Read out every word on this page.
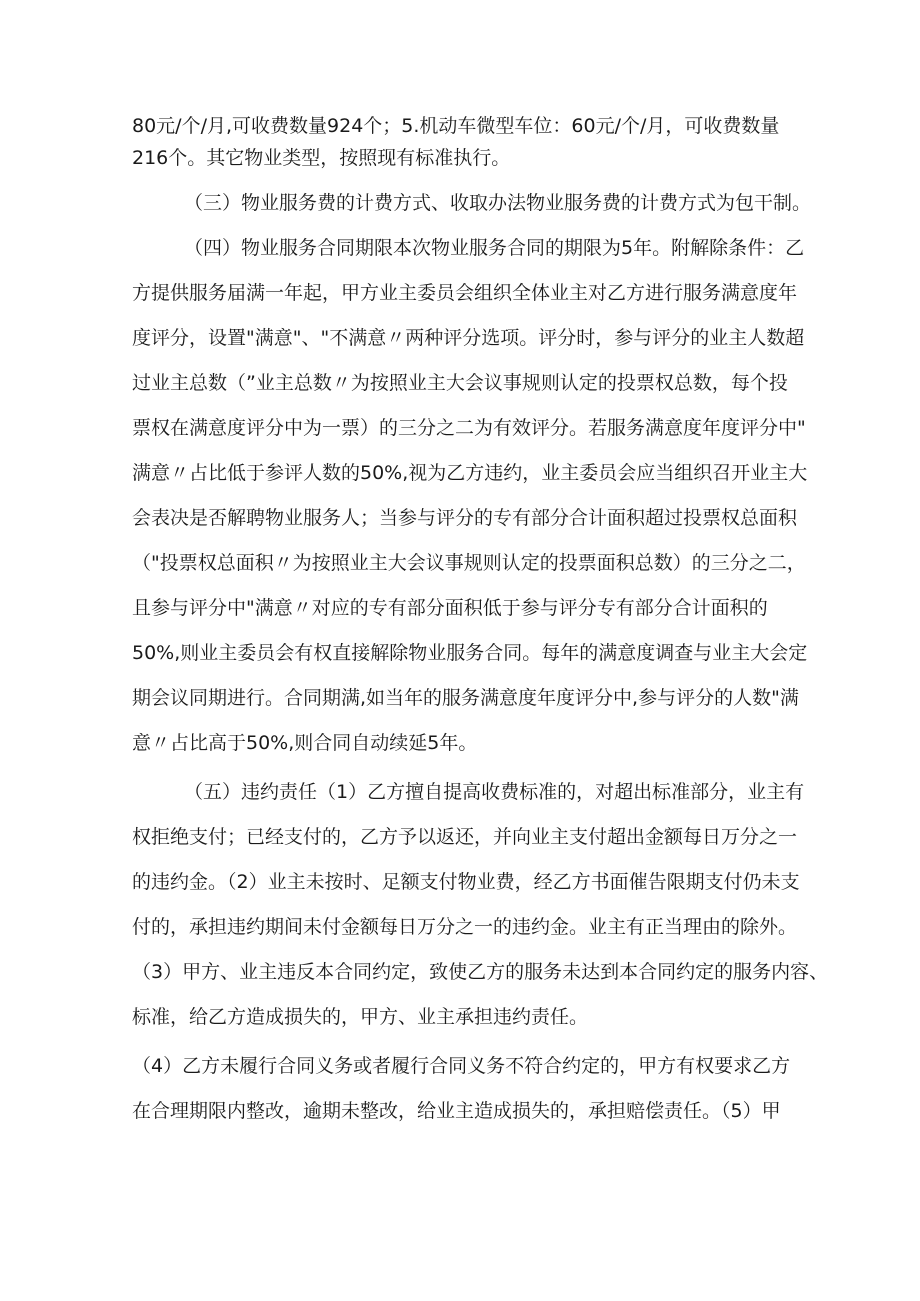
80元/个/月,可收费数量924个；5.机动车微型车位：60元/个/月，可收费数量
216个。其它物业类型，按照现有标准执行。
（三）物业服务费的计费方式、收取办法物业服务费的计费方式为包干制。
（四）物业服务合同期限本次物业服务合同的期限为5年。附解除条件：乙
方提供服务届满一年起，甲方业主委员会组织全体业主对乙方进行服务满意度年
度评分，设置"满意"、"不满意〃两种评分选项。评分时，参与评分的业主人数超
过业主总数（”业主总数〃为按照业主大会议事规则认定的投票权总数，每个投
票权在满意度评分中为一票）的三分之二为有效评分。若服务满意度年度评分中"
满意〃占比低于参评人数的50%,视为乙方违约，业主委员会应当组织召开业主大
会表决是否解聘物业服务人；当参与评分的专有部分合计面积超过投票权总面积
（"投票权总面积〃为按照业主大会议事规则认定的投票面积总数）的三分之二，
且参与评分中"满意〃对应的专有部分面积低于参与评分专有部分合计面积的
50%,则业主委员会有权直接解除物业服务合同。每年的满意度调查与业主大会定
期会议同期进行。合同期满,如当年的服务满意度年度评分中,参与评分的人数"满
意〃占比高于50%,则合同自动续延5年。
（五）违约责任（1）乙方擅自提高收费标准的，对超出标准部分，业主有
权拒绝支付；已经支付的，乙方予以返还，并向业主支付超出金额每日万分之一
的违约金。（2）业主未按时、足额支付物业费，经乙方书面催告限期支付仍未支
付的，承担违约期间未付金额每日万分之一的违约金。业主有正当理由的除外。
（3）甲方、业主违反本合同约定，致使乙方的服务未达到本合同约定的服务内容、
标准，给乙方造成损失的，甲方、业主承担违约责任。
（4）乙方未履行合同义务或者履行合同义务不符合约定的，甲方有权要求乙方
在合理期限内整改，逾期未整改，给业主造成损失的，承担赔偿责任。（5）甲
